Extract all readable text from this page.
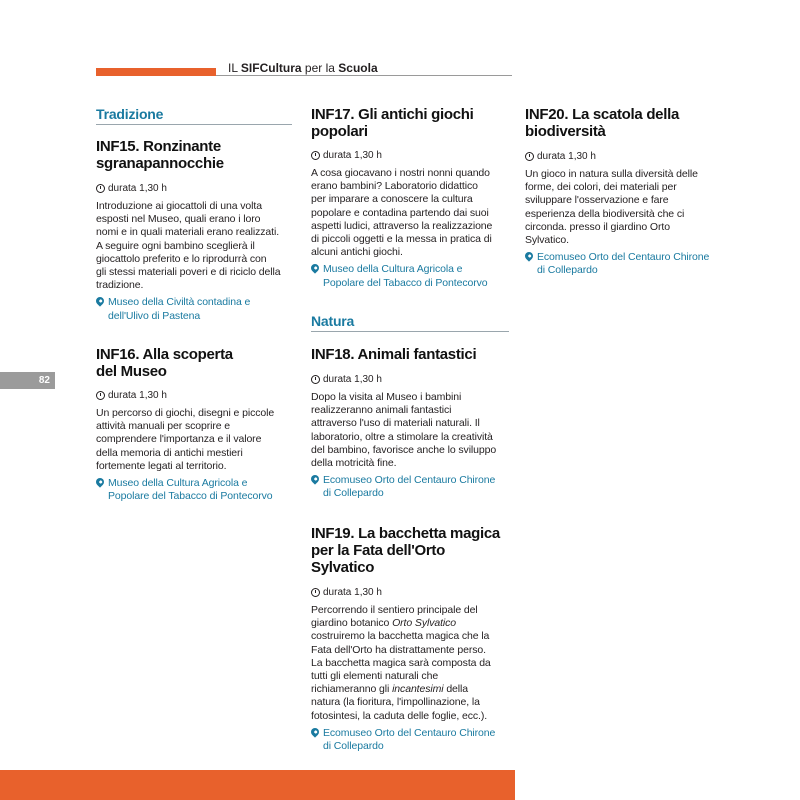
IL SIFCultura per la Scuola
82
Tradizione
INF15. Ronzinante
sgranapannocchie
durata 1,30 h
Introduzione ai giocattoli di una volta
esposti nel Museo, quali erano i loro
nomi e in quali materiali erano realizzati.
A seguire ogni bambino sceglierà il
giocattolo preferito e lo riprodurrà con
gli stessi materiali poveri e di riciclo della
tradizione.
Museo della Civiltà contadina e
dell'Ulivo di Pastena
INF16. Alla scoperta
del Museo
durata 1,30 h
Un percorso di giochi, disegni e piccole
attività manuali per scoprire e
comprendere l'importanza e il valore
della memoria di antichi mestieri
fortemente legati al territorio.
Museo della Cultura Agricola e
Popolare del Tabacco di Pontecorvo
INF17. Gli antichi giochi
popolari
durata 1,30 h
A cosa giocavano i nostri nonni quando
erano bambini? Laboratorio didattico
per imparare a conoscere la cultura
popolare e contadina partendo dai suoi
aspetti ludici, attraverso la realizzazione
di piccoli oggetti e la messa in pratica di
alcuni antichi giochi.
Museo della Cultura Agricola e
Popolare del Tabacco di Pontecorvo
Natura
INF18. Animali fantastici
durata 1,30 h
Dopo la visita al Museo i bambini
realizzeranno animali fantastici
attraverso l'uso di materiali naturali. Il
laboratorio, oltre a stimolare la creatività
del bambino, favorisce anche lo sviluppo
della motricità fine.
Ecomuseo Orto del Centauro Chirone
di Collepardo
INF19. La bacchetta magica
per la Fata dell'Orto
Sylvatico
durata 1,30 h
Percorrendo il sentiero principale del
giardino botanico Orto Sylvatico
costruiremo la bacchetta magica che la
Fata dell'Orto ha distrattamente perso.
La bacchetta magica sarà composta da
tutti gli elementi naturali che
richiameranno gli incantesimi della
natura (la fioritura, l'impollinazione, la
fotosintesi, la caduta delle foglie, ecc.).
Ecomuseo Orto del Centauro Chirone
di Collepardo
INF20. La scatola della
biodiversità
durata 1,30 h
Un gioco in natura sulla diversità delle
forme, dei colori, dei materiali per
sviluppare l'osservazione e fare
esperienza della biodiversità che ci
circonda. presso il giardino Orto
Sylvatico.
Ecomuseo Orto del Centauro Chirone
di Collepardo
